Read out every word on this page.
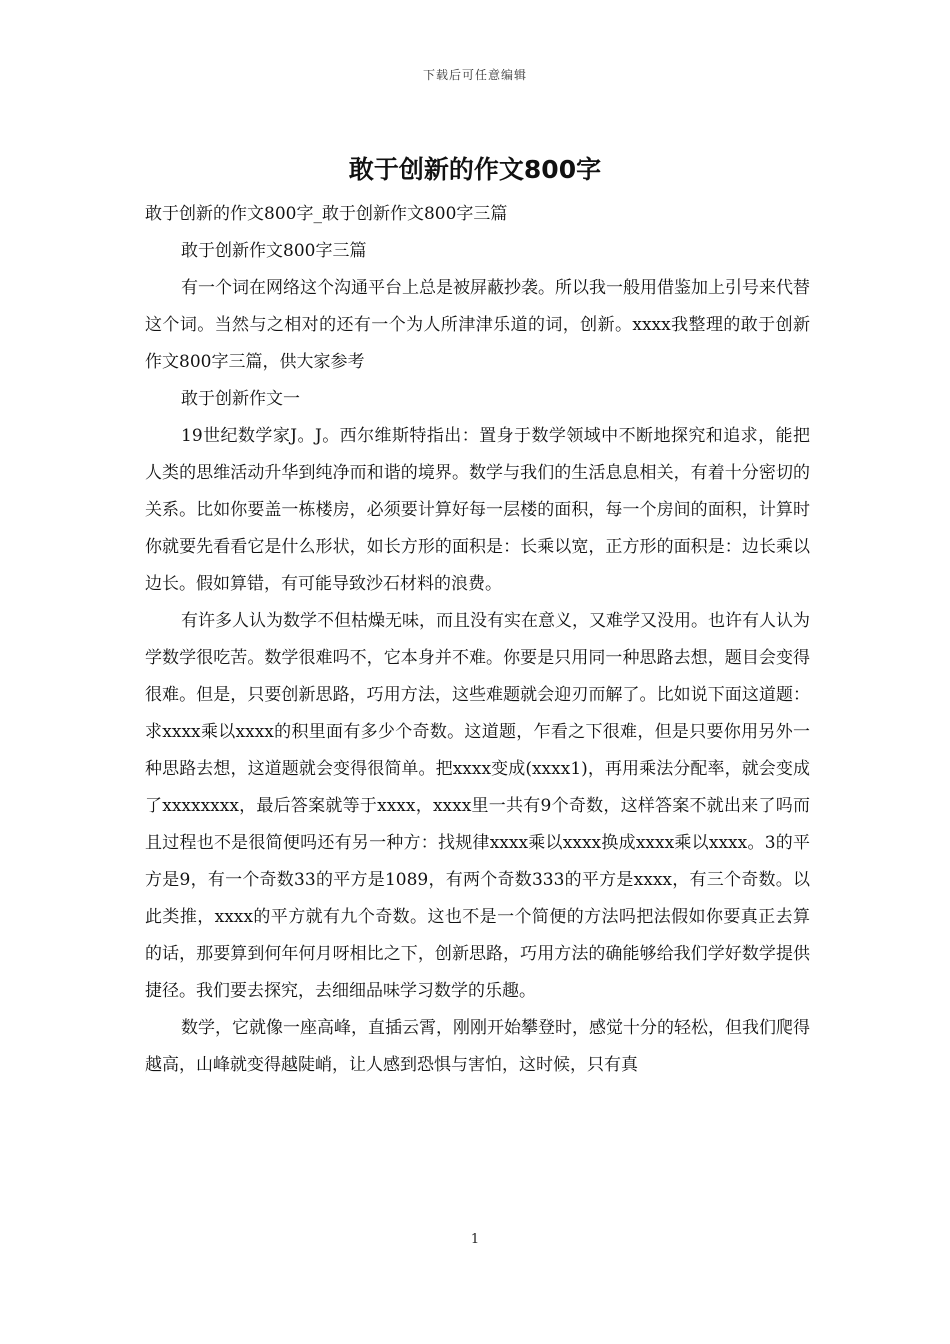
下载后可任意编辑
敢于创新的作文800字

敢于创新的作文800字_敢于创新作文800字三篇

敢于创新作文800字三篇

有一个词在网络这个沟通平台上总是被屏蔽抄袭。所以我一般用借鉴加上引号来代替这个词。当然与之相对的还有一个为人所津津乐道的词，创新。xxxx我整理的敢于创新作文800字三篇，供大家参考

敢于创新作文一

19世纪数学家J。J。西尔维斯特指出：置身于数学领域中不断地探究和追求，能把人类的思维活动升华到纯净而和谐的境界。数学与我们的生活息息相关，有着十分密切的关系。比如你要盖一栋楼房，必须要计算好每一层楼的面积，每一个房间的面积，计算时你就要先看看它是什么形状，如长方形的面积是：长乘以宽，正方形的面积是：边长乘以边长。假如算错，有可能导致沙石材料的浪费。

有许多人认为数学不但枯燥无味，而且没有实在意义，又难学又没用。也许有人认为学数学很吃苦。数学很难吗不，它本身并不难。你要是只用同一种思路去想，题目会变得很难。但是，只要创新思路，巧用方法，这些难题就会迎刃而解了。比如说下面这道题：求xxxx乘以xxxx的积里面有多少个奇数。这道题，乍看之下很难，但是只要你用另外一种思路去想，这道题就会变得很简单。把xxxx变成(xxxx1)，再用乘法分配率，就会变成了xxxxxxxx，最后答案就等于xxxx，xxxx里一共有9个奇数，这样答案不就出来了吗而且过程也不是很简便吗还有另一种方：找规律xxxx乘以xxxx换成xxxx乘以xxxx。3的平方是9，有一个奇数33的平方是1089，有两个奇数333的平方是xxxx，有三个奇数。以此类推，xxxx的平方就有九个奇数。这也不是一个简便的方法吗把法假如你要真正去算的话，那要算到何年何月呀相比之下，创新思路，巧用方法的确能够给我们学好数学提供捷径。我们要去探究，去细细品味学习数学的乐趣。

数学，它就像一座高峰，直插云霄，刚刚开始攀登时，感觉十分的轻松，但我们爬得越高，山峰就变得越陡峭，让人感到恐惧与害怕，这时候，只有真

1
